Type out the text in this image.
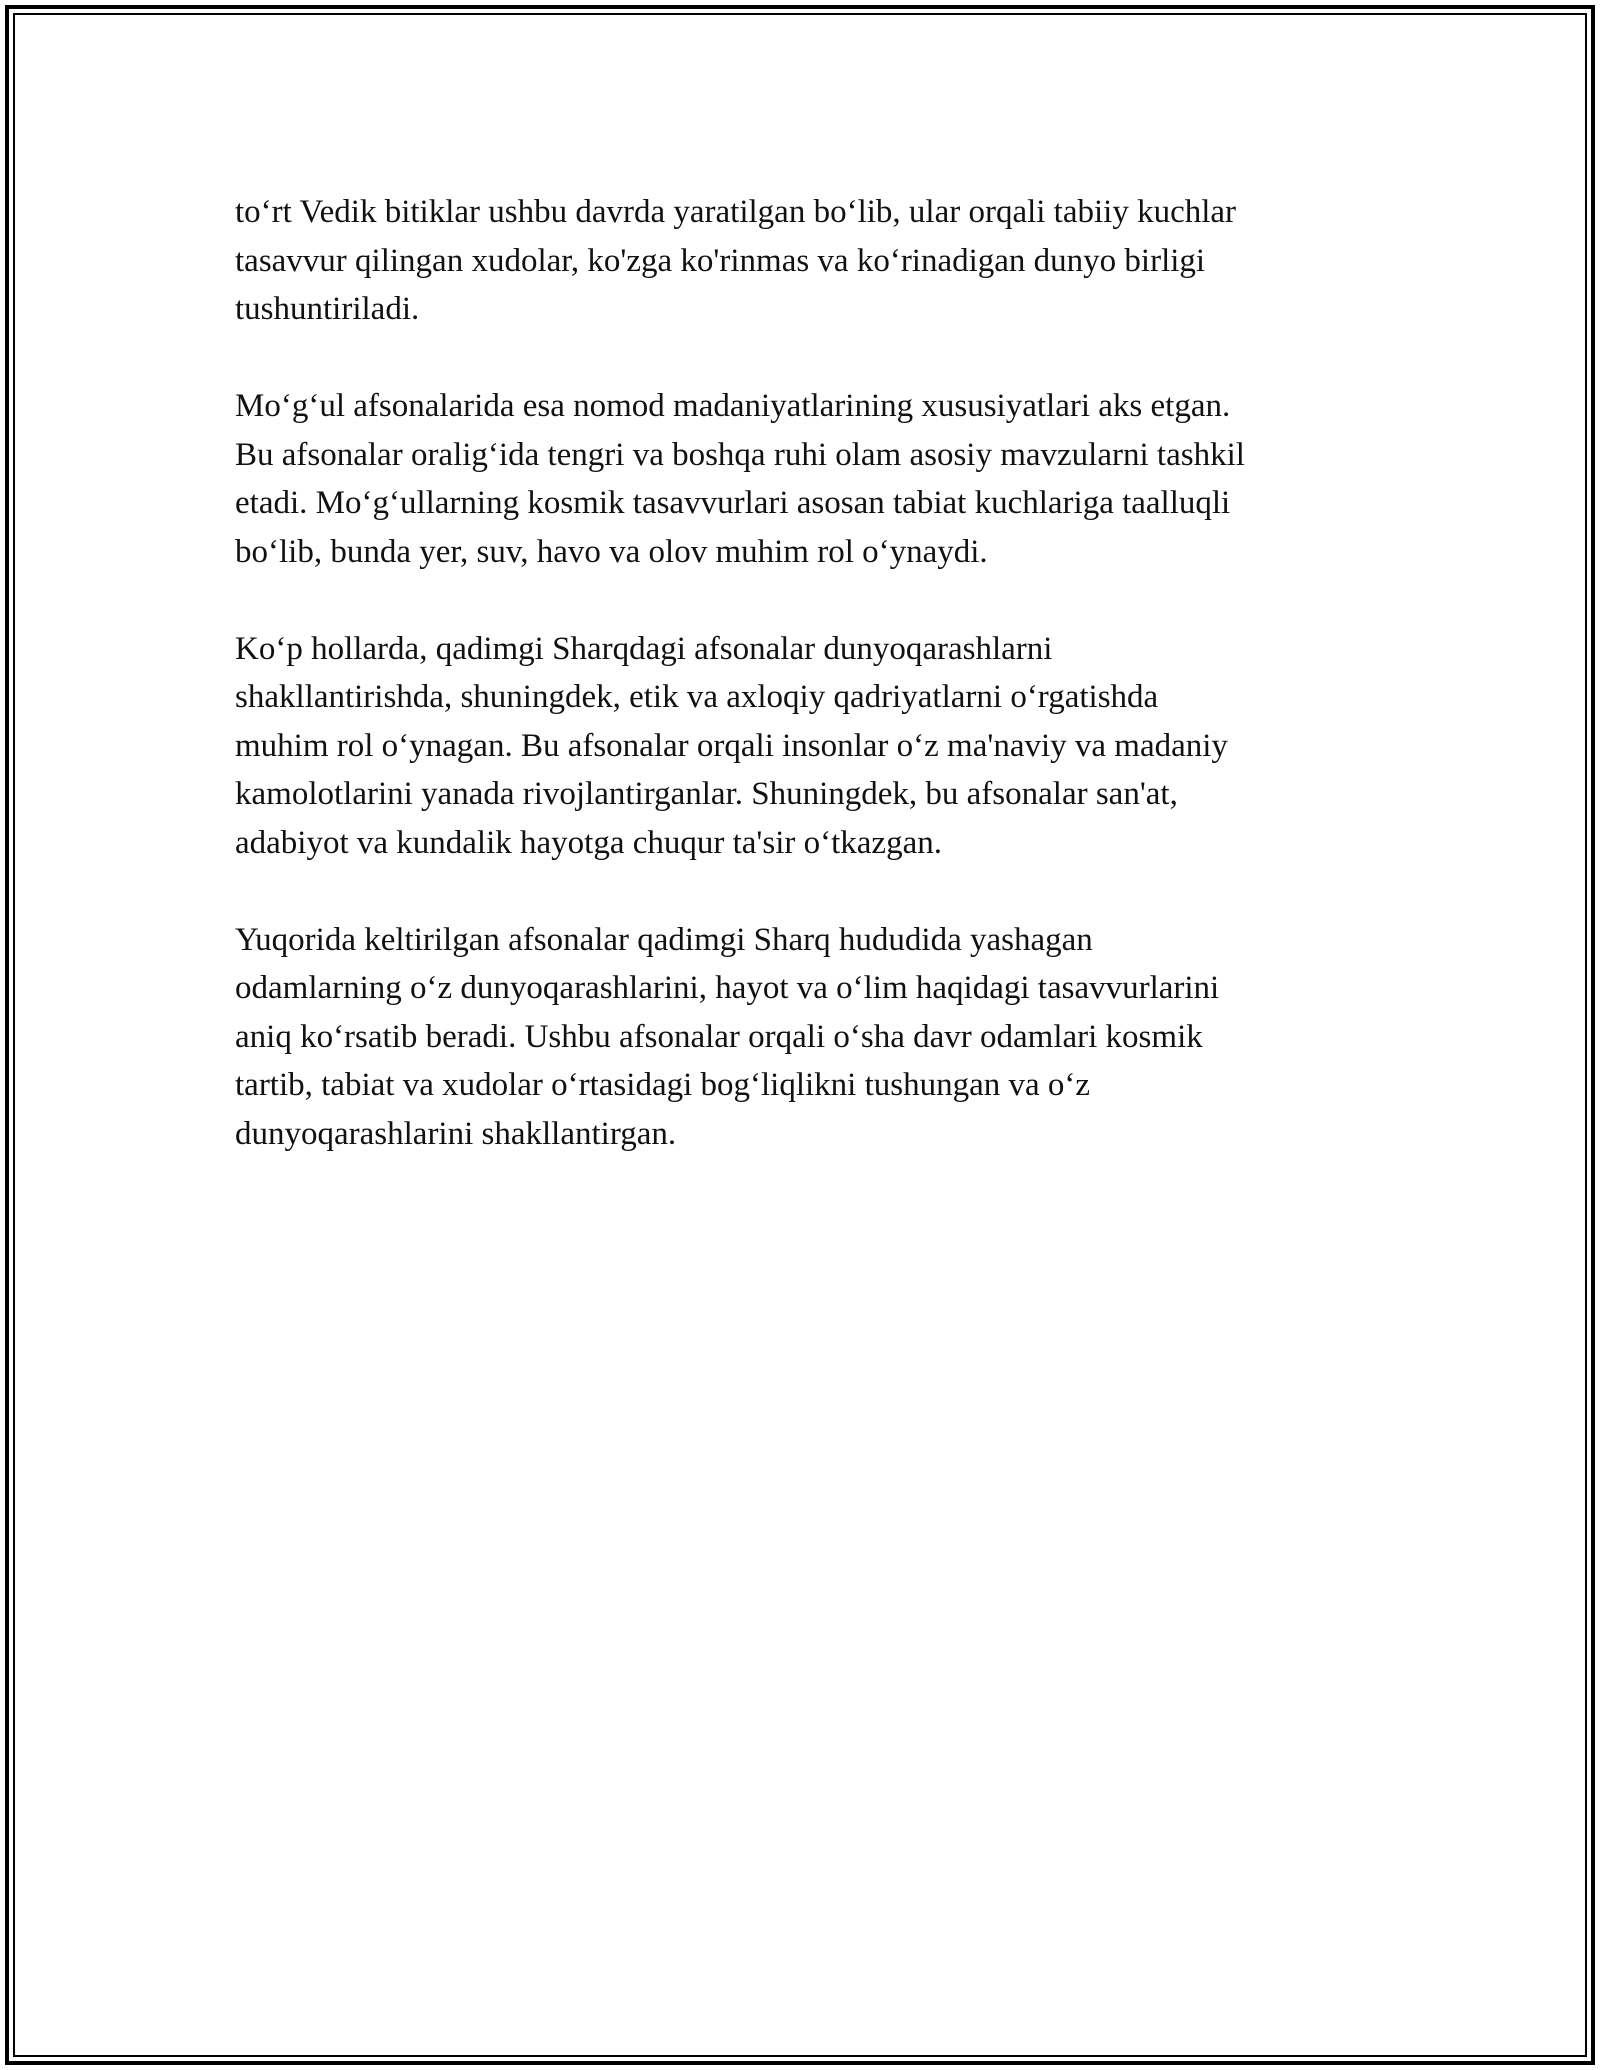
to‘rt Vedik bitiklar ushbu davrda yaratilgan bo‘lib, ular orqali tabiiy kuchlar
tasavvur qilingan xudolar, ko'zga ko'rinmas va ko‘rinadigan dunyo birligi
tushuntiriladi.

Mo‘g‘ul afsonalarida esa nomod madaniyatlarining xususiyatlari aks etgan.
Bu afsonalar oralig‘ida tengri va boshqa ruhi olam asosiy mavzularni tashkil
etadi. Mo‘g‘ullarning kosmik tasavvurlari asosan tabiat kuchlariga taalluqli
bo‘lib, bunda yer, suv, havo va olov muhim rol o‘ynaydi.

Ko‘p hollarda, qadimgi Sharqdagi afsonalar dunyoqarashlarni
shakllantirishda, shuningdek, etik va axloqiy qadriyatlarni o‘rgatishda
muhim rol o‘ynagan. Bu afsonalar orqali insonlar o‘z ma'naviy va madaniy
kamolotlarini yanada rivojlantirganlar. Shuningdek, bu afsonalar san'at,
adabiyot va kundalik hayotga chuqur ta'sir o‘tkazgan.

Yuqorida keltirilgan afsonalar qadimgi Sharq hududida yashagan
odamlarning o‘z dunyoqarashlarini, hayot va o‘lim haqidagi tasavvurlarini
aniq ko‘rsatib beradi. Ushbu afsonalar orqali o‘sha davr odamlari kosmik
tartib, tabiat va xudolar o‘rtasidagi bog‘liqlikni tushungan va o‘z
dunyoqarashlarini shakllantirgan.
